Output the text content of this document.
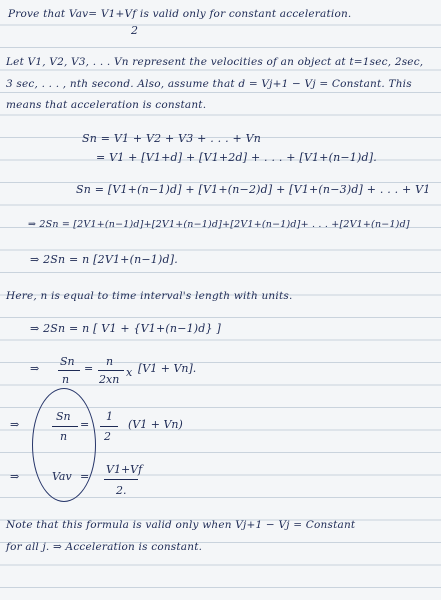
Prove that Vav= V1+Vf is valid only for constant acceleration.
2
Let V1, V2, V3, . . . Vn represent the velocities of an object at t=1sec, 2sec,
3 sec, . . . , nth second. Also, assume that d = Vj+1 − Vj = Constant. This
means that acceleration is constant.
Sn = V1 + V2 + V3 + . . . + Vn
= V1 + [V1+d] + [V1+2d] + . . . + [V1+(n−1)d].
Sn = [V1+(n−1)d] + [V1+(n−2)d] + [V1+(n−3)d] + . . . + V1
⇒ 2Sn = [2V1+(n−1)d]+[2V1+(n−1)d]+[2V1+(n−1)d]+ . . . +[2V1+(n−1)d]
⇒ 2Sn = n [2V1+(n−1)d].
Here, n is equal to time interval's length with units.
⇒ 2Sn = n [ V1 + {V1+(n−1)d} ]
⇒
Sn
n
=
n
2xn
x [V1 + Vn].
⇒
Sn
n
=
1
2
(V1 + Vn)
⇒	Vav =
V1+Vf
2.
Note that this formula is valid only when Vj+1 − Vj = Constant
for all j. ⇒ Acceleration is constant.
